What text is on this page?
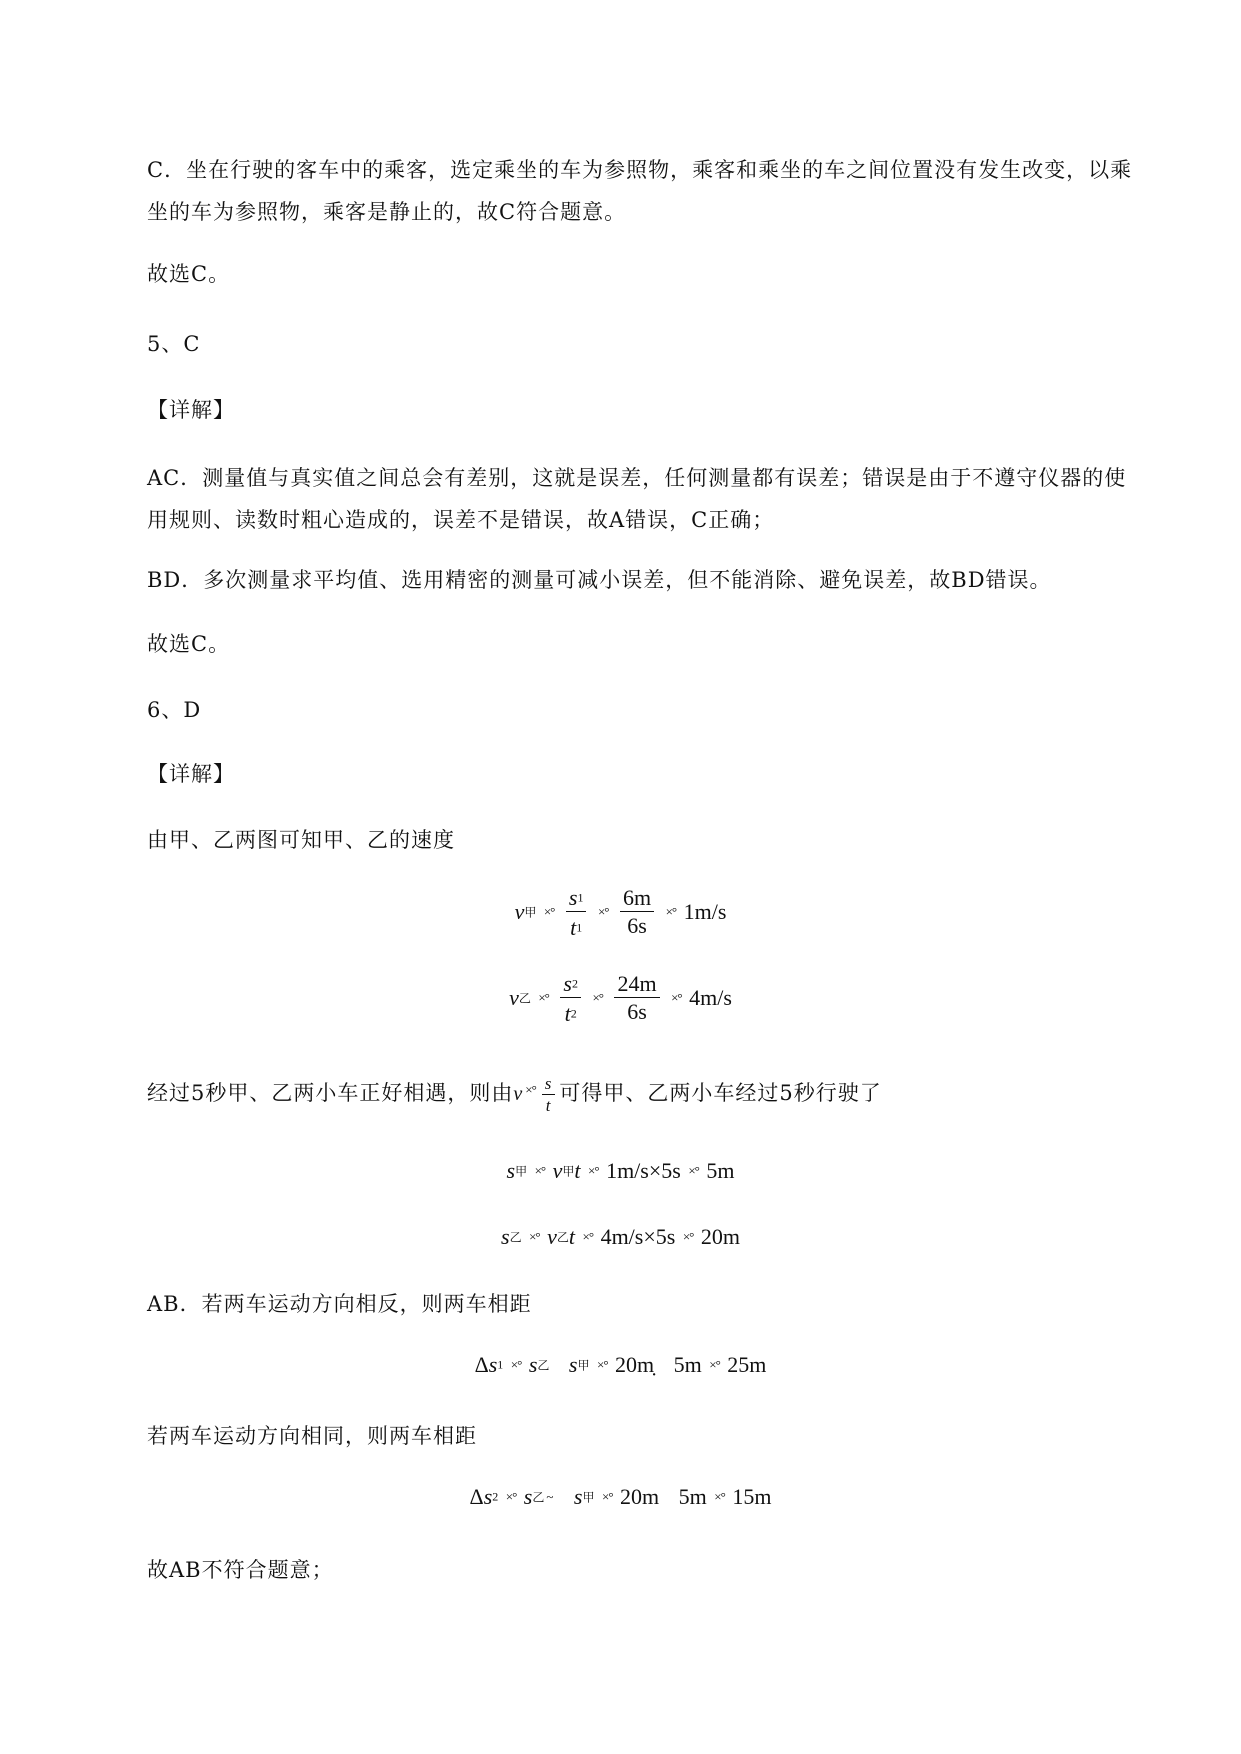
C．坐在行驶的客车中的乘客，选定乘坐的车为参照物，乘客和乘坐的车之间位置没有发生改变，以乘
坐的车为参照物，乘客是静止的，故C符合题意。
故选C。
5、C
【详解】
AC．测量值与真实值之间总会有差别，这就是误差，任何测量都有误差；错误是由于不遵守仪器的使
用规则、读数时粗心造成的，误差不是错误，故A错误，C正确；
BD．多次测量求平均值、选用精密的测量可减小误差，但不能消除、避免误差，故BD错误。
故选C。
6、D
【详解】
由甲、乙两图可知甲、乙的速度
v甲 ×° $\frac{s1}{t1}$ ×° $\frac{6m}{6s}$ ×° 1m/s
v乙 ×° $\frac{s2}{t2}$ ×° $\frac{24m}{6s}$ ×° 4m/s
经过5秒甲、乙两小车正好相遇，则由v $^{\times^\circ} \frac{s}{t}$ 可得甲、乙两小车经过5秒行驶了
s甲 ×° v甲t ×° 1m/s×5s ×° 5m
s乙 ×° v乙t ×° 4m/s×5s ×° 20m
AB．若两车运动方向相反，则两车相距
Δs1 ×° s乙 s甲 ×° 20m 5m ×° 25m
若两车运动方向相同，则两车相距
Δs2 ×° s乙 ~ s甲 ×° 20m 5m ×° 15m
故AB不符合题意；
